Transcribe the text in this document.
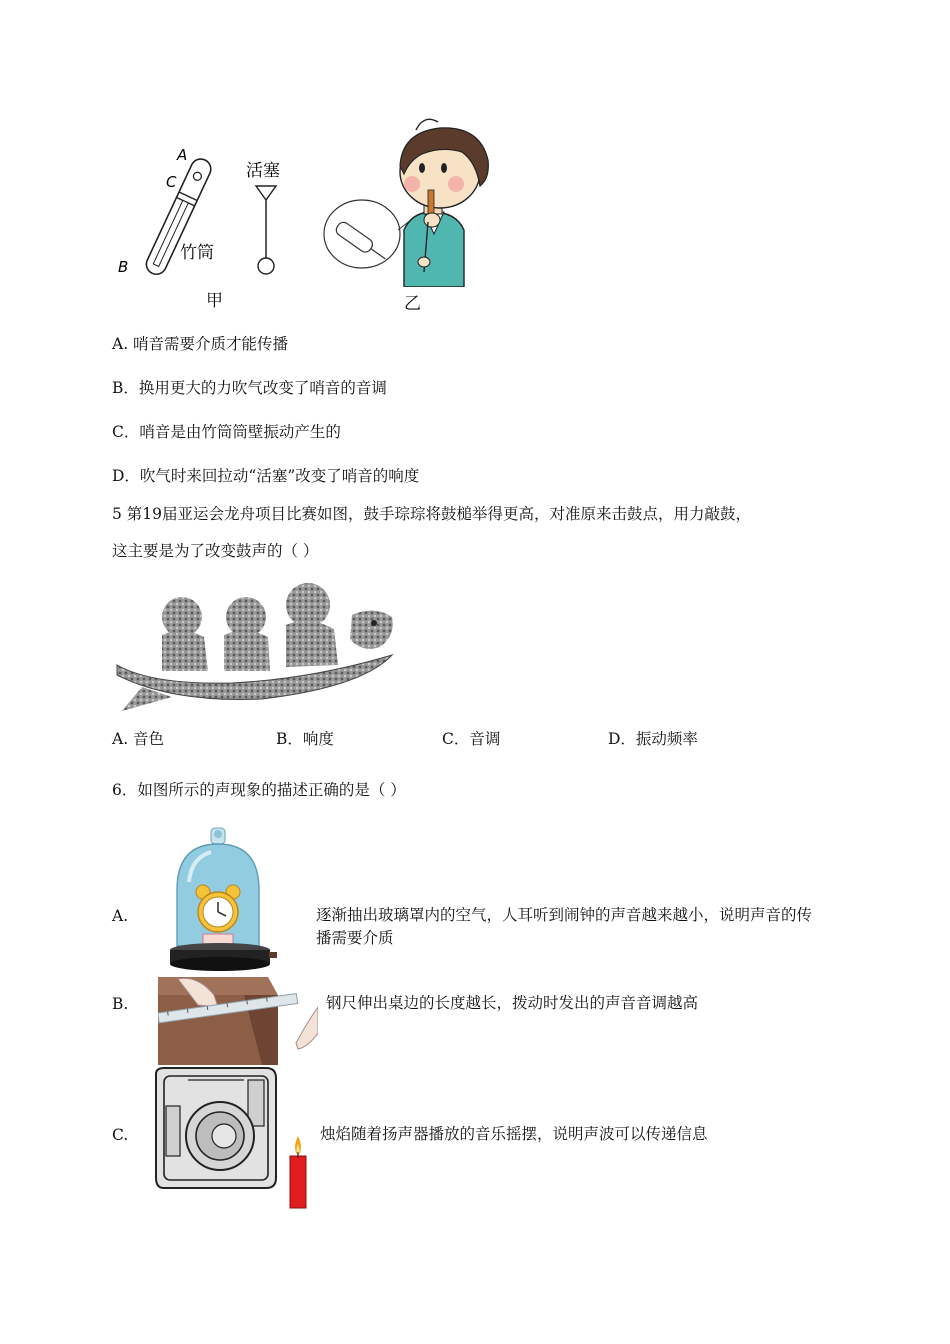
A
C
B
竹筒
活塞
甲	乙
A. 哨音需要介质才能传播
B．换用更大的力吹气改变了哨音的音调
C．哨音是由竹筒筒壁振动产生的
D．吹气时来回拉动“活塞”改变了哨音的响度
5 第19届亚运会龙舟项目比赛如图，鼓手琮琮将鼓槌举得更高，对准原来击鼓点，用力敲鼓，
这主要是为了改变鼓声的（ ）
A. 音色	B．响度	C．音调	D．振动频率
6．如图所示的声现象的描述正确的是（ ）
A.	逐渐抽出玻璃罩内的空气，人耳听到闹钟的声音越来越小，说明声音的传
播需要介质
B.	钢尺伸出桌边的长度越长，拨动时发出的声音音调越高
C.	烛焰随着扬声器播放的音乐摇摆，说明声波可以传递信息
